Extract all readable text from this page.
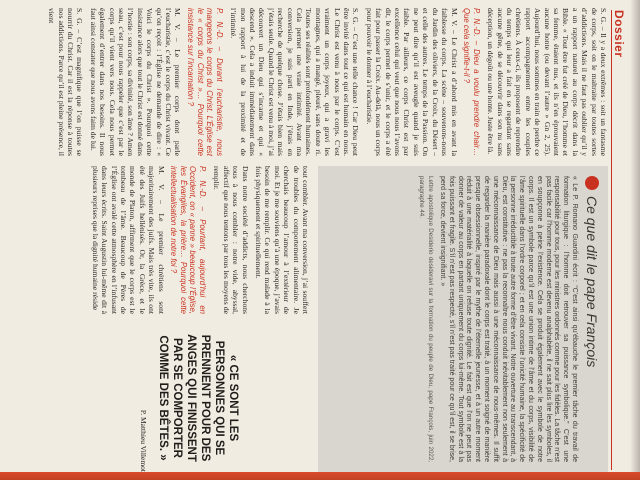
Dossier

S. G. – Il y a deux extrêmes : soit un fantasme de corps, soit on le maltraite par toutes sortes d’addictions. Mais il ne faut pas oublier qu’il y a un rapport naturel au corps décrit dans la Bible. « Tout être fut créé de Dieu, l’homme et sa femme, étaient nus, et ils n’en éprouvaient aucune honte (ou devant l’autre » Gn 2, 25). Aujourd’hui, nous sommes en train de perdre ce rapport accompagnement entre les couples chrétiens. À ceux-ci, ils proposent de reprendre du temps qui leur a fait en se regardant sans aucune gêne, de se découvrir dans son nu sans déception, un dégoût ou une honte. Juste être là.

P. N.-D. – Dieu a voulu prendre chair… Que cela signifie-t-il ?

M. V. – Le Christ a d’abord mis en avant la faiblesse du corps. La scène – souvenons-nous du Jardin des oliviers, de la Croix, du Désert – et celle des autres. Le temps de la Passion. On ne peut dire qu’il est aveugle quand je suis faible. Par ailleurs, ce corps Christ est par excellence celui qui veut que nous nous l’avons dit, le corps permet de s’unir, et le corps a été fait pour passer la Croix. Au-delà, nous un corps pour pouvoir le donner à l’eucharistie.

S. G. – C’est une telle chance ! Car Dieu peut être invité dans tout ce qui est humain en nous. Le Christ est venu à nous par le corps. C’est vraiment un corps joyeux, qui a gravi les montagnes, qui a mangé, pleuré, sans doute ri. Toutes ses réalités sont profondément humaines. Cela permet une vraie intimité. Avant ma conversion, je suis parti en Inde, j’étais en recherche de quelque chose. J’étais bien mais j’étais seule. Quand le Christ est venu à moi, j’ai découvert un Dieu qui s’incarne et qui « descend ». Cela a induit immédiatement dans mon rapport à lui de la proximité et de l’intimité.

P. N.-D. – Durant l’eucharistie, nous mangeons le corps du Christ. L’Église est le « corps du Christ »… Pourquoi cette insistance sur l’incarnation ?

M. V. – Le premier corps dont parle l’eucharistie, c’est le corps du Christ vivant. Ce qu’on reçoit : l’Église ne demande de dire : « Voici le corps du Christ ». Pourquoi cette insistance alors que tout le Christ est donné dans l’hostie : son corps, sa divinité, son âme ? Amen seau, c’est pour nous rappeler que c’est par le corps qu’il vient vers nous. Cela nous permet également d’entrer dans nos besoins. Il nous faut ainsi constater que nous avons faim de lui.

S. G. – C’est magnifique que l’on puisse se nourrir du Christ. Car il est la réponse à toutes nos addictions. Parce qu’il est pleine présence, il vient

Ce que dit le pape François

« Le P. Romano Guardini écrit : “C’est ainsi qu’ébauche le premier tâche du travail de formation liturgique : l’homme doit retrouver sa puissance symbolique.” C’est une responsabilité pour tous, pour les ministres ordonnés comme pour les fidèles. La tâche n’est pas facile car l’homme moderne est devenu analphabète, il ne sait plus lire les symboles, il en soupçonne à peine l’existence. Cela se produit également avec le symbole de notre corps. Il est un symbole parce qu’il est une union intime de l’âme et du corps, visibilité de l’âme spirituelle dans l’ordre corporel ; et en cela consiste l’unicité humaine, la spécificité de la personne irréductible à toute autre forme d’être vivant. Notre ouverture au transcendant, à Dieu, est constitutive : ne pas la reconnaître nous conduit inévitablement non seulement à une méconnaissance de Dieu mais aussi à une méconnaissance de nous-mêmes. Il suffit de regarder la manière paradoxale dont le corps est traité, à un moment soigné de manière presque obsessionnelle, inspiré par le mythe de l’éternelle jeunesse, et à un autre moment réduit à une matérialité à laquelle on refuse toute dignité. Le fait est que l’on ne peut pas donner de valeur au corps en partant uniquement du corps lui-même. Tout symbole est à la fois puissant et fragile. S’il n’est pas respecté, s’il n’est pas traité pour ce qu’il est, il se brise, perd sa force, devient insignifiant. »

Lettre apostolique Desiderio desideravi sur la formation du peuple de Dieu, pape François, juin 2022, paragraphe 44.

tout combler. Avant ma conversion, j’ai souffert de troubles du comportement alimentaire. Je cherchais beaucoup l’amour à l’extérieur de moi. Et je me souviens qu’à une époque, j’avais besoin de me remplir. Ce qui rend malade à la fois physiquement et spirituellement.

Dans notre société d’addicts, nous cherchons tous à nous combler : notre vide, abyssal, affectif que nous tentons par tous les moyens de remplir.

P. N.-D. – Pourtant, aujourd’hui en Occident, on « panne » beaucoup l’Église, les Évangiles, la prière… Pourquoi cette intellectualisation de notre foi ?

M. V. – Le premier chrétiens sont majoritairement des juifs. Mais très vite, ils ont été des Juifs hellénisés. Or, la Grèce, et le monde de Platon, affirment que le corps est le tombeau de l’âme. Beaucoup de Pères de l’Église ont avalé cette atmosphère en l’infusant dans leurs écrits. Saint Augustin lui-même dit à plusieurs reprises que la dignité humaine réside

« CE SONT LES PERSONNES QUI SE PRENNENT POUR DES ANGES QUI FINISSENT PAR SE COMPORTER COMME DES BÊTES. »
P. Matthieu Villemot
